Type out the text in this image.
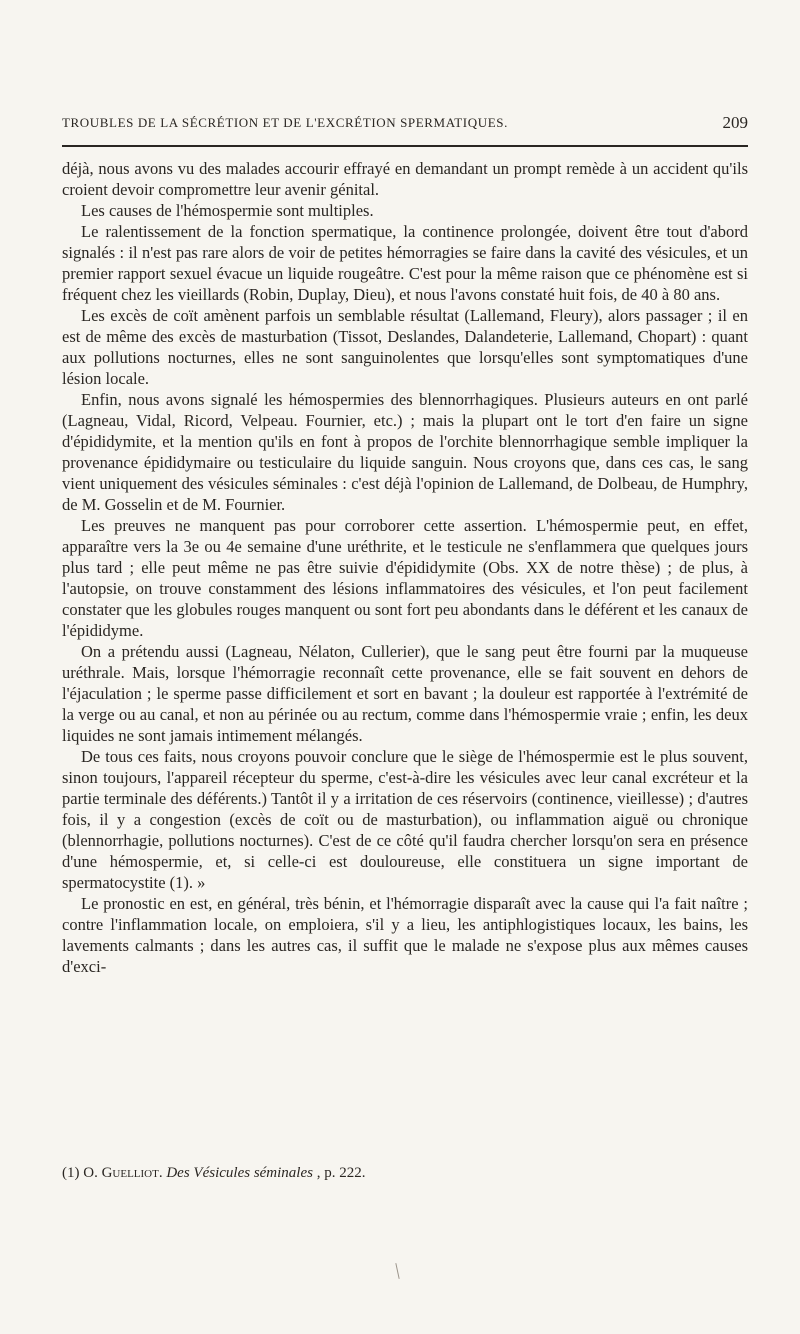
TROUBLES DE LA SÉCRÉTION ET DE L'EXCRÉTION SPERMATIQUES.	209

déjà, nous avons vu des malades accourir effrayé en demandant un prompt remède à un accident qu'ils croient devoir compromettre leur avenir génital.

Les causes de l'hémospermie sont multiples.

Le ralentissement de la fonction spermatique, la continence prolongée, doivent être tout d'abord signalés : il n'est pas rare alors de voir de petites hémorragies se faire dans la cavité des vésicules, et un premier rapport sexuel évacue un liquide rougeâtre. C'est pour la même raison que ce phénomène est si fréquent chez les vieillards (Robin, Duplay, Dieu), et nous l'avons constaté huit fois, de 40 à 80 ans.

Les excès de coït amènent parfois un semblable résultat (Lallemand, Fleury), alors passager ; il en est de même des excès de masturbation (Tissot, Deslandes, Dalandeterie, Lallemand, Chopart) : quant aux pollutions nocturnes, elles ne sont sanguinolentes que lorsqu'elles sont symptomatiques d'une lésion locale.

Enfin, nous avons signalé les hémospermies des blennorrhagiques. Plusieurs auteurs en ont parlé (Lagneau, Vidal, Ricord, Velpeau. Fournier, etc.) ; mais la plupart ont le tort d'en faire un signe d'épididymite, et la mention qu'ils en font à propos de l'orchite blennorrhagique semble impliquer la provenance épididymaire ou testiculaire du liquide sanguin. Nous croyons que, dans ces cas, le sang vient uniquement des vésicules séminales : c'est déjà l'opinion de Lallemand, de Dolbeau, de Humphry, de M. Gosselin et de M. Fournier.

Les preuves ne manquent pas pour corroborer cette assertion. L'hémospermie peut, en effet, apparaître vers la 3e ou 4e semaine d'une uréthrite, et le testicule ne s'enflammera que quelques jours plus tard ; elle peut même ne pas être suivie d'épididymite (Obs. XX de notre thèse) ; de plus, à l'autopsie, on trouve constamment des lésions inflammatoires des vésicules, et l'on peut facilement constater que les globules rouges manquent ou sont fort peu abondants dans le déférent et les canaux de l'épididyme.

On a prétendu aussi (Lagneau, Nélaton, Cullerier), que le sang peut être fourni par la muqueuse uréthrale. Mais, lorsque l'hémorragie reconnaît cette provenance, elle se fait souvent en dehors de l'éjaculation ; le sperme passe difficilement et sort en bavant ; la douleur est rapportée à l'extrémité de la verge ou au canal, et non au périnée ou au rectum, comme dans l'hémospermie vraie ; enfin, les deux liquides ne sont jamais intimement mélangés.

De tous ces faits, nous croyons pouvoir conclure que le siège de l'hémospermie est le plus souvent, sinon toujours, l'appareil récepteur du sperme, c'est-à-dire les vésicules avec leur canal excréteur et la partie terminale des déférents.) Tantôt il y a irritation de ces réservoirs (continence, vieillesse) ; d'autres fois, il y a congestion (excès de coït ou de masturbation), ou inflammation aiguë ou chronique (blennorrhagie, pollutions nocturnes). C'est de ce côté qu'il faudra chercher lorsqu'on sera en présence d'une hémospermie, et, si celle-ci est douloureuse, elle constituera un signe important de spermatocystite (1). »

Le pronostic en est, en général, très bénin, et l'hémorragie disparaît avec la cause qui l'a fait naître ; contre l'inflammation locale, on emploiera, s'il y a lieu, les antiphlogistiques locaux, les bains, les lavements calmants ; dans les autres cas, il suffit que le malade ne s'expose plus aux mêmes causes d'exci-

(1) O. Guelliot. Des Vésicules séminales , p. 222.
